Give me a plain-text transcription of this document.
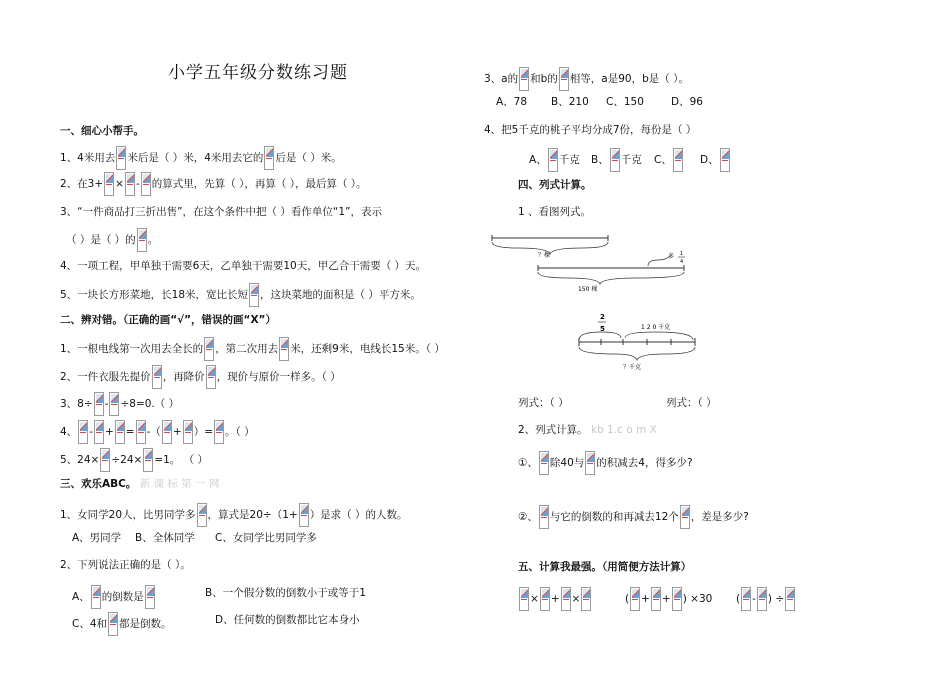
小学五年级分数练习题
一、细心小帮手。
1、4米用去 米后是（ ）米，4米用去它的 后是（ ）米。
2、在3+ × - 的算式里，先算（ ），再算（ ），最后算（ ）。
3、“一件商品打三折出售”，在这个条件中把（ ）看作单位“1”，表示
（ ）是（ ）的 。
4、一项工程，甲单独干需要6天，乙单独干需要10天，甲乙合干需要（ ）天。
5、一块长方形菜地，长18米，宽比长短 ，这块菜地的面积是（ ）平方米。
二、辨对错。（正确的画“√”，错误的画“X”）
1、一根电线第一次用去全长的 ，第二次用去 米，还剩9米，电线长15米。（ ）
2、一件衣服先提价 ，再降价 ，现价与原价一样多。（ ）
3、8÷ - ÷8=0.（ ）
4、 - + = -（ + ）= 。（ ）
5、24× ÷24× =1。 （ ）
三、欢乐ABC。 新 课 标 第 一 网
1、女同学20人，比男同学多 ，算式是20÷（1+ ）是求（ ）的人数。
A、男同学 B、全体同学 C、女同学比男同学多
2、下列说法正确的是（ ）。
A、 的倒数是	B、一个假分数的倒数小于或等于1
C、4和 都是倒数。	D、任何数的倒数都比它本身小
3、a的 和b的 相等，a是90，b是（ ）。
A、78 B、210 C、150	D、96
4、把5千克的桃子平均分成7份，每份是（ ）
A、 千克 B、 千克 C、	D、
四、列式计算。
1 、看图列式。
？棵	多 1
4
150 棵
2
5	1 2 0 千克
？千克
列式：（ ）	列式：（ ）
2、列式计算。 kb 1.c o m X
①、 除40与 的积减去4，得多少?
②、 与它的倒数的和再减去12个 ，差是多少?
五、计算我最强。（用简便方法计算）
× + ×	( + + ) ×30 ( - ) ÷
